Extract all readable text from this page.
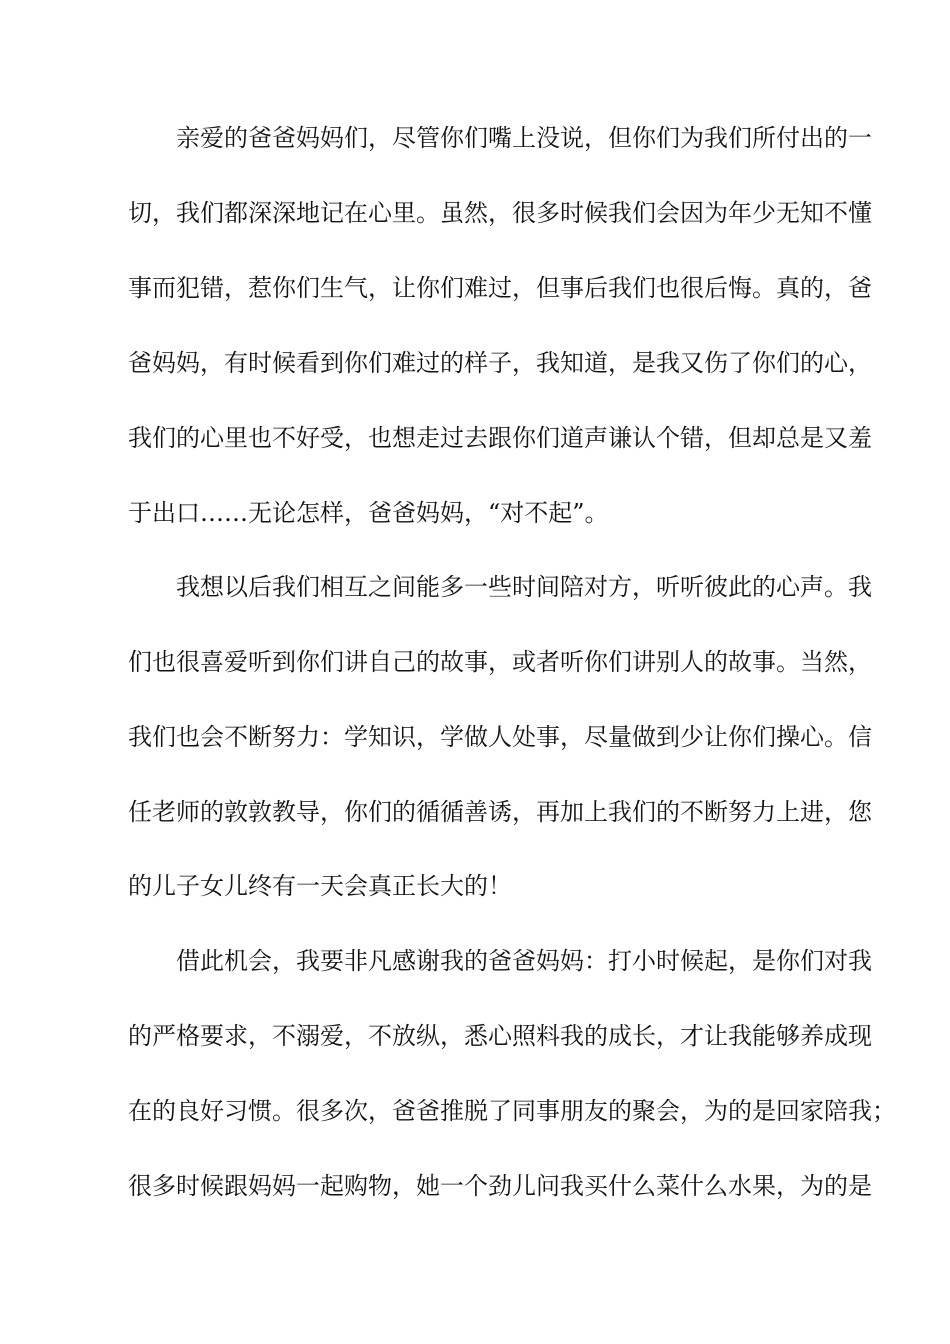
亲爱的爸爸妈妈们，尽管你们嘴上没说，但你们为我们所付出的一
切，我们都深深地记在心里。虽然，很多时候我们会因为年少无知不懂
事而犯错，惹你们生气，让你们难过，但事后我们也很后悔。真的，爸
爸妈妈，有时候看到你们难过的样子，我知道，是我又伤了你们的心，
我们的心里也不好受，也想走过去跟你们道声谦认个错，但却总是又羞
于出口……无论怎样，爸爸妈妈，“对不起”。
我想以后我们相互之间能多一些时间陪对方，听听彼此的心声。我
们也很喜爱听到你们讲自己的故事，或者听你们讲别人的故事。当然，
我们也会不断努力：学知识，学做人处事，尽量做到少让你们操心。信
任老师的敦敦教导，你们的循循善诱，再加上我们的不断努力上进，您
的儿子女儿终有一天会真正长大的！
借此机会，我要非凡感谢我的爸爸妈妈：打小时候起，是你们对我
的严格要求，不溺爱，不放纵，悉心照料我的成长，才让我能够养成现
在的良好习惯。很多次，爸爸推脱了同事朋友的聚会，为的是回家陪我；
很多时候跟妈妈一起购物，她一个劲儿问我买什么菜什么水果，为的是
